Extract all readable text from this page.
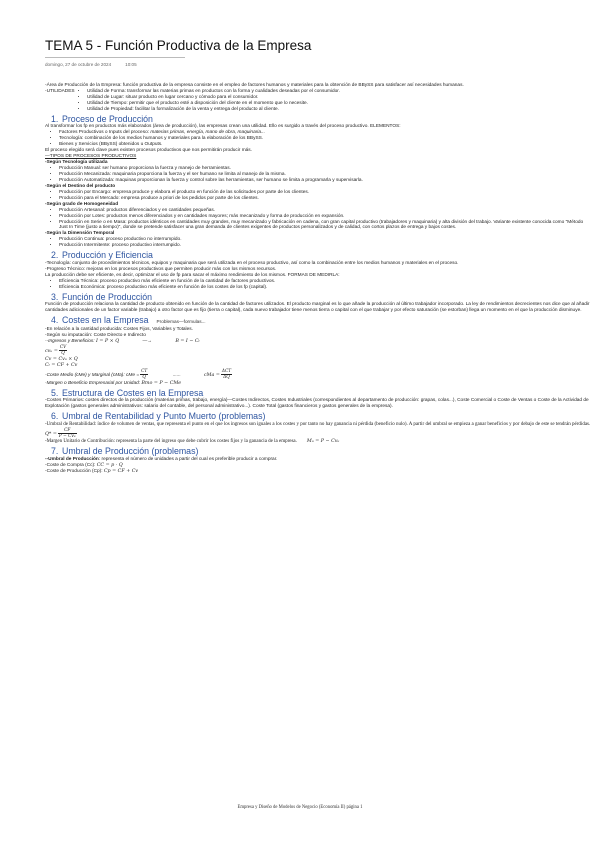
TEMA 5 - Función Productiva de la Empresa
domingo, 27 de octubre de 2024	10:05

-Área de Producción de la Empresa: función productiva de la empresa consiste en el empleo de factores humanos y materiales para la obtención de BBySS para satisfacer así necesidades humanas.

-UTILIDADES
•	Utilidad de Forma: transformar las materias primas en productos con la forma y cualidades deseadas por el consumidor.
• Utilidad de Lugar: situar producto en lugar cercano y cómodo para el consumidor.
• Utilidad de Tiempo: permitir que el producto esté a disposición del cliente en el momento que lo necesite.
• Utilidad de Propiedad: facilitar la formalización de la venta y entrega del producto al cliente.
1. Proceso de Producción

Al transformar los fp en productos más elaborados (área de producción), las empresas crean una utilidad. Ello es surgido a través del proceso productivo. ELEMENTOS:

• Factores Productivos o Inputs del proceso: materias primas, energía, mano de obra, maquinaria...
• Tecnología: combinación de los medios humanos y materiales para la elaboración de los BBySS.
• Bienes y Servicios (BBySS) obtenidos u Outputs.

El proceso elegido será clave pues existen procesos productivos que nos permitirán producir más.

—TIPOS DE PROCESOS PRODUCTIVOS

-Según Tecnología utilizada

• Producción Manual: ser humano proporciona la fuerza y manejo de herramientas.
• Producción Mecanizada: maquinaria proporciona la fuerza y el ser humano se limita al manejo de la misma.
• Producción Automatizada: maquinas proporcionan la fuerza y control sobre las herramientas, ser humano se limita a programarla y supervisarla.

-Según el Destino del producto

• Producción por Encargo: empresa produce y elabora el producto en función de las solicitudes por parte de los clientes.
• Producción para el Mercado: empresa produce a priori de los pedidos por parte de los clientes.

-Según grado de Homogeneidad

• Producción Artesanal: productos diferenciados y en cantidades pequeñas.
• Producción por Lotes: productos menos diferenciados y en cantidades mayores; más mecanizado y forma de producción en expansión.
• Producción en Serie o en Masa: productos idénticos en cantidades muy grandes, muy mecanizado y fabricación en cadena, con gran capital productivo (trabajadores y maquinaria) y alta división del trabajo. Variante existente conocida como "Método Just In Time (justo a tiempo)", donde se pretende satisfacer una gran demanda de clientes exigentes de productos personalizados y de calidad, con cortos plazos de entrega y bajos costes.

-Según la Dimensión Temporal

• Producción Continua: proceso productivo no interrumpido.
• Producción Intermitente: proceso productivo interrumpido.
2. Producción y Eficiencia

-Tecnología: conjunto de procedimientos técnicos, equipos y maquinaria que será utilizada en el proceso productivo, así como la combinación entre los medios humanos y materiales en el proceso.

-Progreso Técnico: mejoras en los procesos productivos que permiten producir más con los mismos recursos.

La producción debe ser eficiente, es decir, optimizar el uso de fp para sacar el máximo rendimiento de los mismos. FORMAS DE MEDIRLA:

• Eficiencia Técnica: proceso productivo más eficiente en función de la cantidad de factores productivos.
• Eficiencia Económica: proceso productivo más eficiente en función de los costes de los fp (capital).
3. Función de Producción

Función de producción relaciona la cantidad de producto obtenido en función de la cantidad de factores utilizados. El producto marginal es lo que añade la producción al último trabajador incorporado. La ley de rendimientos decrecientes nos dice que al añadir cantidades adicionales de un factor variable (trabajo) a otro factor que es fijo (tierra o capital), cada nuevo trabajador tiene menos tierra o capital con el que trabajar y por efecto saturación (se estorban) llega un momento en el que la producción disminuye.

4. Costes en la Empresa Problemas—formulas...

-En relación a la cantidad producida: Costes Fijos, Variables y Totales.

-Según su imputación: Coste Directo e Indirecto

--Ingresos y Beneficios: I = P × Q	—→	B = I − Cₜ

cvᵤ = $\frac{CV}{Q}$

Cv = Cvᵤ × Q

Cₜ = CF + Cv

-Coste Medio (cMe) y Marginal (cMa): cMe = $\frac{CT}{Q}$	......	cMa = $\frac{\text{ΔCT}}{\Delta Q}$

-Margen o Beneficio Empresarial por Unidad: Bmo = P − CMe

5. Estructura de Costes en la Empresa

-Costes Primarios: costes directos de la producción (materias primas, trabajo, energía)—Costes Indirectos, Costes Industriales (correspondientes al departamento de producción: grapas, colas...), Coste Comercial o Coste de Ventas o Coste de la Actividad de Explotación (gastos generales administrativos: salario del contable, del personal administrativo...). Coste Total (gastos financieros y gastos generales de la empresa).

6. Umbral de Rentabilidad y Punto Muerto (problemas)

-Umbral de Rentabilidad: índice de volumen de ventas, que representa el punto en el que los ingresos son iguales a los costes y por tanto no hay ganancia ni pérdida (beneficio nulo). A partir del umbral se empieza a ganar beneficios y por debajo de este se tendrán pérdidas.

$Q* = \frac{CF}{\text{P − Cvᵤ}}$

-Margen Unitario de Contribución: representa la parte del ingreso que debe cubrir los costes fijos y la ganancia de la empresa. Mᵤ = P − Cvᵤ

7. Umbral de Producción (problemas)

--Umbral de Producción: representa el número de unidades a partir del cual es preferible producir a comprar.

-Coste de Compra (Cc): CC = p · Q

-Coste de Producción (Cp): Cp = CF + Cv

Empresa y Diseño de Modelos de Negocio (Economía II) página 1
